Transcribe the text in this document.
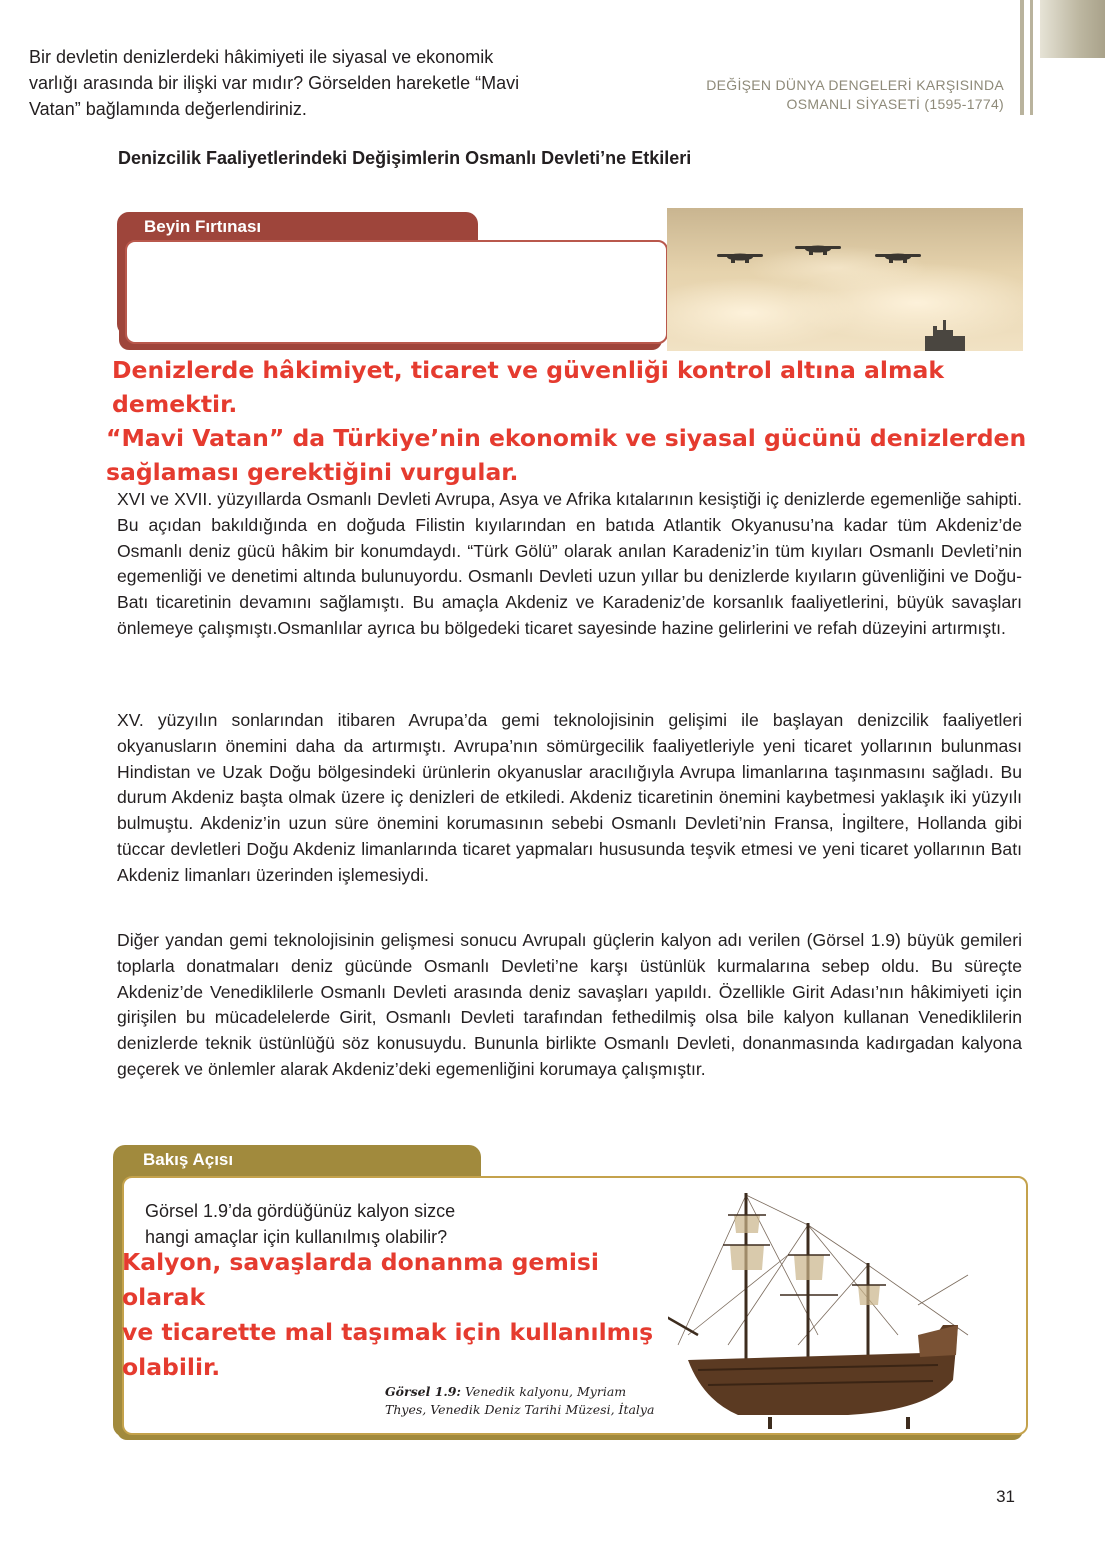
DEĞİŞEN DÜNYA DENGELERİ KARŞISINDA
OSMANLI SİYASETİ (1595-1774)
Denizcilik Faaliyetlerindeki Değişimlerin Osmanlı Devleti’ne Etkileri
Beyin Fırtınası
Bir devletin denizlerdeki hâkimiyeti ile siyasal ve ekonomik varlığı arasında bir ilişki var mıdır? Görselden hareketle “Mavi Vatan” bağlamında değerlendiriniz.
Denizlerde hâkimiyet, ticaret ve güvenliği kontrol altına almak demektir.
“Mavi Vatan” da Türkiye’nin ekonomik ve siyasal gücünü denizlerden
sağlaması gerektiğini vurgular.
XVI ve XVII. yüzyıllarda Osmanlı Devleti Avrupa, Asya ve Afrika kıtalarının kesiştiği iç denizlerde egemenliğe sahipti. Bu açıdan bakıldığında en doğuda Filistin kıyılarından en batıda Atlantik Okyanusu’na kadar tüm Akdeniz’de Osmanlı deniz gücü hâkim bir konumdaydı. “Türk Gölü” olarak anılan Karadeniz’in tüm kıyıları Osmanlı Devleti’nin egemenliği ve denetimi altında bulunuyordu. Osmanlı Devleti uzun yıllar bu denizlerde kıyıların güvenliğini ve Doğu-Batı ticaretinin devamını sağlamıştı. Bu amaçla Akdeniz ve Karadeniz’de korsanlık faaliyetlerini, büyük savaşları önlemeye çalışmıştı.Osmanlılar ayrıca bu bölgedeki ticaret sayesinde hazine gelirlerini ve refah düzeyini artırmıştı.
XV. yüzyılın sonlarından itibaren Avrupa’da gemi teknolojisinin gelişimi ile başlayan denizcilik faaliyetleri okyanusların önemini daha da artırmıştı. Avrupa’nın sömürgecilik faaliyetleriyle yeni ticaret yollarının bulunması Hindistan ve Uzak Doğu bölgesindeki ürünlerin okyanuslar aracılığıyla Avrupa limanlarına taşınmasını sağladı. Bu durum Akdeniz başta olmak üzere iç denizleri de etkiledi. Akdeniz ticaretinin önemini kaybetmesi yaklaşık iki yüzyılı bulmuştu. Akdeniz’in uzun süre önemini korumasının sebebi Osmanlı Devleti’nin Fransa, İngiltere, Hollanda gibi tüccar devletleri Doğu Akdeniz limanlarında ticaret yapmaları hususunda teşvik etmesi ve yeni ticaret yollarının Batı Akdeniz limanları üzerinden işlemesiydi.
Diğer yandan gemi teknolojisinin gelişmesi sonucu Avrupalı güçlerin kalyon adı verilen (Görsel 1.9) büyük gemileri toplarla donatmaları deniz gücünde Osmanlı Devleti’ne karşı üstünlük kurmalarına sebep oldu. Bu süreçte Akdeniz’de Venediklilerle Osmanlı Devleti arasında deniz savaşları yapıldı. Özellikle Girit Adası’nın hâkimiyeti için girişilen bu mücadelelerde Girit, Osmanlı Devleti tarafından fethedilmiş olsa bile kalyon kullanan Venediklilerin denizlerde teknik üstünlüğü söz konusuydu. Bununla birlikte Osmanlı Devleti, donanmasında kadırgadan kalyona geçerek ve önlemler alarak Akdeniz’deki egemenliğini korumaya çalışmıştır.
Bakış Açısı
Görsel 1.9’da gördüğünüz kalyon sizce
hangi amaçlar için kullanılmış olabilir?
Kalyon, savaşlarda donanma gemisi olarak
ve ticarette mal taşımak için kullanılmış
olabilir.
Görsel 1.9: Venedik kalyonu, Myriam
Thyes, Venedik Deniz Tarihi Müzesi, İtalya
31
